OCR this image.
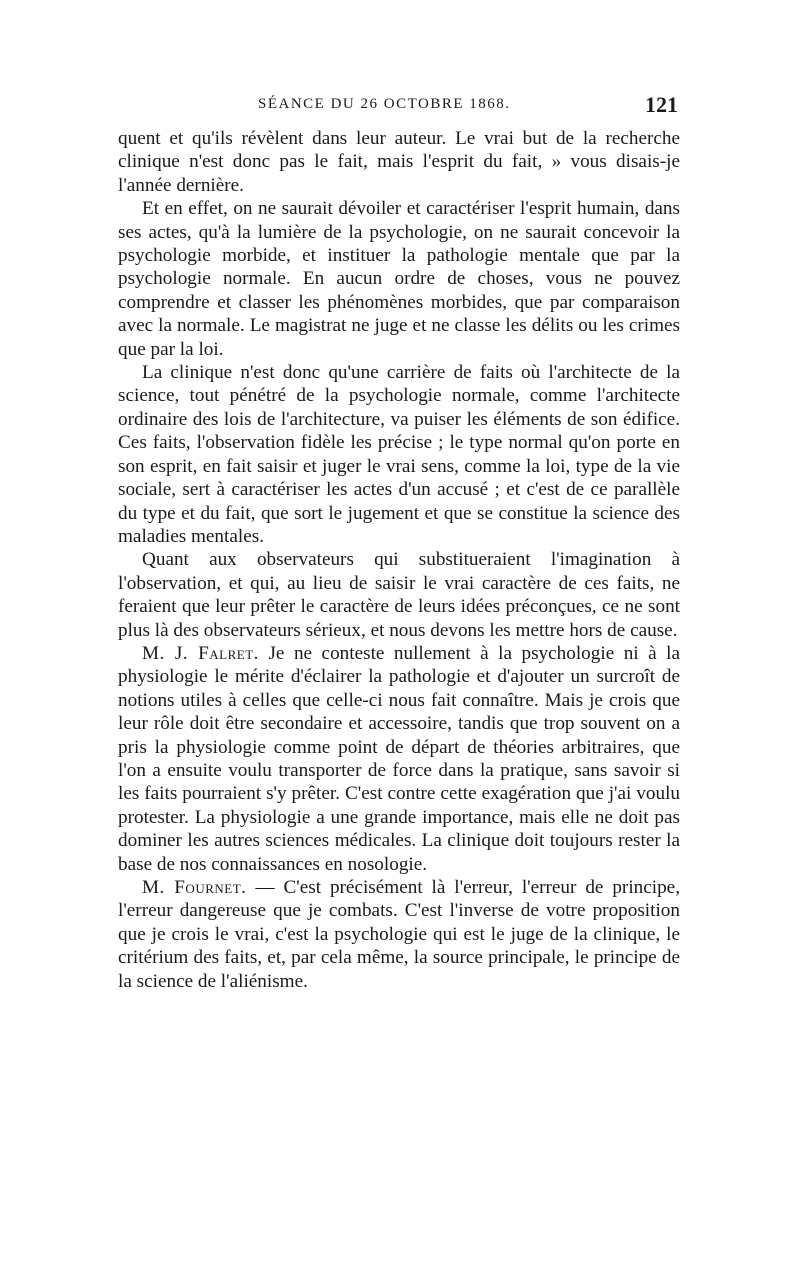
SÉANCE DU 26 OCTOBRE 1868.	121

quent et qu'ils révèlent dans leur auteur. Le vrai but de la recherche clinique n'est donc pas le fait, mais l'esprit du fait, » vous disais-je l'année dernière.

Et en effet, on ne saurait dévoiler et caractériser l'esprit humain, dans ses actes, qu'à la lumière de la psychologie, on ne saurait concevoir la psychologie morbide, et instituer la pathologie mentale que par la psychologie normale. En aucun ordre de choses, vous ne pouvez comprendre et classer les phénomènes morbides, que par comparaison avec la normale. Le magistrat ne juge et ne classe les délits ou les crimes que par la loi.

La clinique n'est donc qu'une carrière de faits où l'architecte de la science, tout pénétré de la psychologie normale, comme l'architecte ordinaire des lois de l'architecture, va puiser les éléments de son édifice. Ces faits, l'observation fidèle les précise ; le type normal qu'on porte en son esprit, en fait saisir et juger le vrai sens, comme la loi, type de la vie sociale, sert à caractériser les actes d'un accusé ; et c'est de ce parallèle du type et du fait, que sort le jugement et que se constitue la science des maladies mentales.

Quant aux observateurs qui substitueraient l'imagination à l'observation, et qui, au lieu de saisir le vrai caractère de ces faits, ne feraient que leur prêter le caractère de leurs idées préconçues, ce ne sont plus là des observateurs sérieux, et nous devons les mettre hors de cause.

M. J. Falret. Je ne conteste nullement à la psychologie ni à la physiologie le mérite d'éclairer la pathologie et d'ajouter un surcroît de notions utiles à celles que celle-ci nous fait connaître. Mais je crois que leur rôle doit être secondaire et accessoire, tandis que trop souvent on a pris la physiologie comme point de départ de théories arbitraires, que l'on a ensuite voulu transporter de force dans la pratique, sans savoir si les faits pourraient s'y prêter. C'est contre cette exagération que j'ai voulu protester. La physiologie a une grande importance, mais elle ne doit pas dominer les autres sciences médicales. La clinique doit toujours rester la base de nos connaissances en nosologie.

M. Fournet. — C'est précisément là l'erreur, l'erreur de principe, l'erreur dangereuse que je combats. C'est l'inverse de votre proposition que je crois le vrai, c'est la psychologie qui est le juge de la clinique, le critérium des faits, et, par cela même, la source principale, le principe de la science de l'aliénisme.
